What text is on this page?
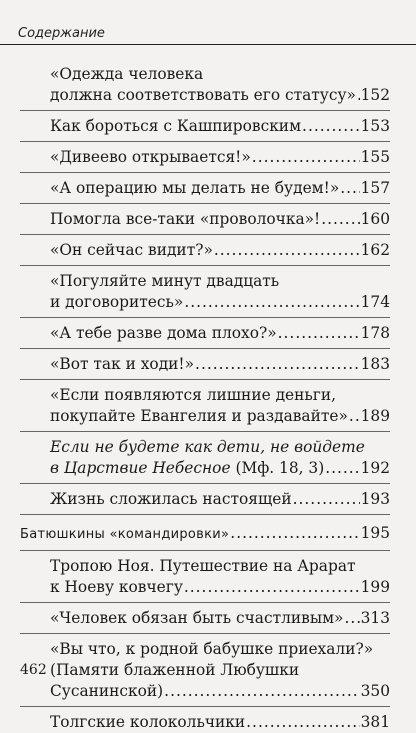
Содержание
«Одежда человека
должна соответствовать его статусу» ..... 152
Как бороться с Кашпировским .....	153
«Дивеево открывается!» .....	155
«А операцию мы делать не будем!» ..... 157
Помогла все-таки «проволочка»! .....	160
«Он сейчас видит?» .....	162
«Погуляйте минут двадцать
и договоритесь» .....	174
«А тебе разве дома плохо?» .....	178
«Вот так и ходи!» .....	183
«Если появляются лишние деньги,
покупайте Евангелия и раздавайте» ..... 189
Если не будете как дети, не войдете
в Царствие Небесное (Мф. 18, 3) ..... 192
Жизнь сложилась настоящей .....	193
Батюшкины «командировки» .....	195
Тропою Ноя. Путешествие на Арарат
к Ноеву ковчегу .....	199
«Человек обязан быть счастливым» ..... 313
«Вы что, к родной бабушке приехали?»
(Памяти блаженной Любушки
Сусанинской) .....	350
Толгские колокольчики .....	381
462
